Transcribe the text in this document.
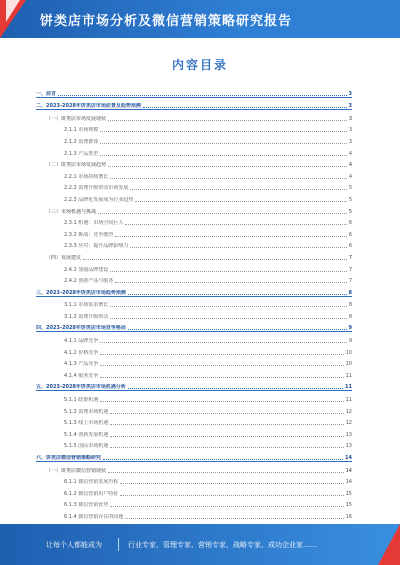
饼类店市场分析及微信营销策略研究报告
内容目录
一、前言	3
二、2023-2028年饼类店市场前景及趋势预测	3
（一）饼类店市场发展现状	3
2.1.1 市场规模	3
2.1.2 消费群体	3
2.1.3 产品类型	4
（二）饼类店市场发展趋势	4
2.2.1 市场持续增长	4
2.2.2 消费升级带动市场发展	5
2.2.3 品牌化发展成为行业趋势	5
（三）市场机遇与挑战	5
2.3.1 机遇：市场空间巨大	6
2.3.2 挑战：竞争激烈	6
2.3.3 应对：提升品牌影响力	6
（四）发展建议	7
2.4.1 加强品牌建设	7
2.4.2 创新产品与服务	7
三、2023-2028年饼类店市场趋势预测	8
3.1.1 市场需求增长	8
3.1.2 消费升级带动	8
四、2023-2028年饼类店市场竞争格局	9
4.1.1 品牌竞争	9
4.1.2 价格竞争	10
4.1.3 产品竞争	10
4.1.4 服务竞争	11
五、2023-2028年饼类店市场机遇分析	11
5.1.1 政策机遇	11
5.1.2 消费市场机遇	12
5.1.3 线上市场机遇	12
5.1.4 创新发展机遇	13
5.1.5 国际市场机遇	13
六、饼类店微信营销策略研究	14
（一）饼类店微信营销现状	14
6.1.1 微信营销发展历程	14
6.1.2 微信营销用户特征	15
6.1.3 微信营销优势	15
6.1.4 微信营销存在的问题	16
让每个人都能成为	行业专家、管理专家、营销专家、战略专家、成功企业家……
